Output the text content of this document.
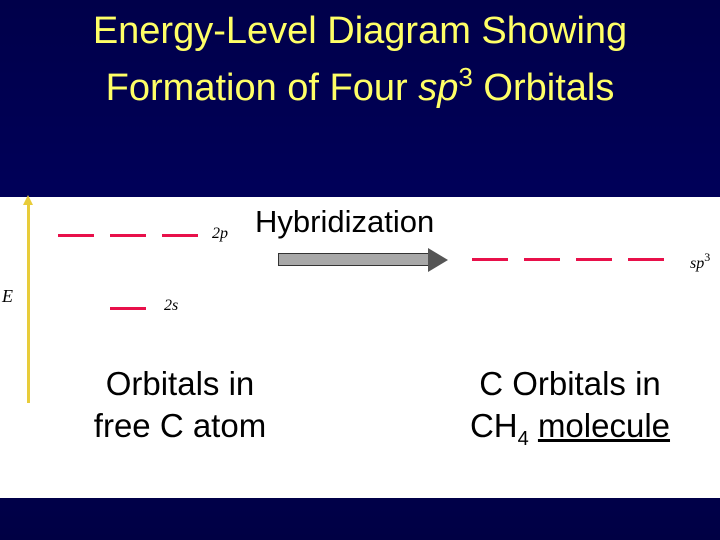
Energy-Level Diagram Showing
Formation of Four $sp^3$ Orbitals
E
2p
2s
Hybridization
$sp^3$
Orbitals in
free C atom
C Orbitals in
$CH_4$ molecule
